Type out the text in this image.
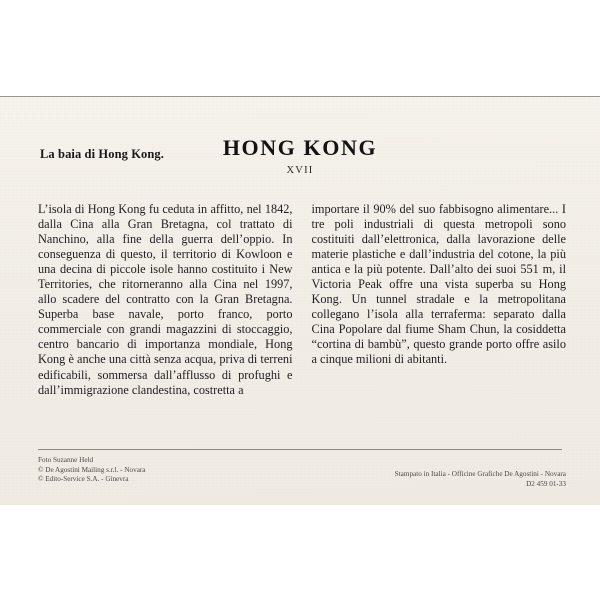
La baia di Hong Kong.	HONG KONG
XVII

L’isola di Hong Kong fu ceduta in affitto, nel 1842, dalla Cina alla Gran Bretagna, col trattato di Nanchino, alla fine della guerra dell’oppio. In conseguenza di questo, il territorio di Kowloon e una decina di piccole isole hanno costituito i New Territories, che ritorneranno alla Cina nel 1997, allo scadere del contratto con la Gran Bretagna. Superba base navale, porto franco, porto commerciale con grandi magazzini di stoccaggio, centro bancario di importanza mondiale, Hong Kong è anche una città senza acqua, priva di terreni edificabili, sommersa dall’afflusso di profughi e dall’immigrazione clandestina, costretta a

importare il 90% del suo fabbisogno alimentare... I tre poli industriali di questa metropoli sono costituiti dall’elettronica, dalla lavorazione delle materie plastiche e dall’industria del cotone, la più antica e la più potente. Dall’alto dei suoi 551 m, il Victoria Peak offre una vista superba su Hong Kong. Un tunnel stradale e la metropolitana collegano l’isola alla terraferma: separato dalla Cina Popolare dal fiume Sham Chun, la cosiddetta “cortina di bambù”, questo grande porto offre asilo a cinque milioni di abitanti.

Foto Suzanne Held
© De Agostini Mailing s.r.l. - Novara
© Edito-Service S.A. - Ginevra
Stampato in Italia - Officine Grafiche De Agostini - Novara
D2 459 01-33
